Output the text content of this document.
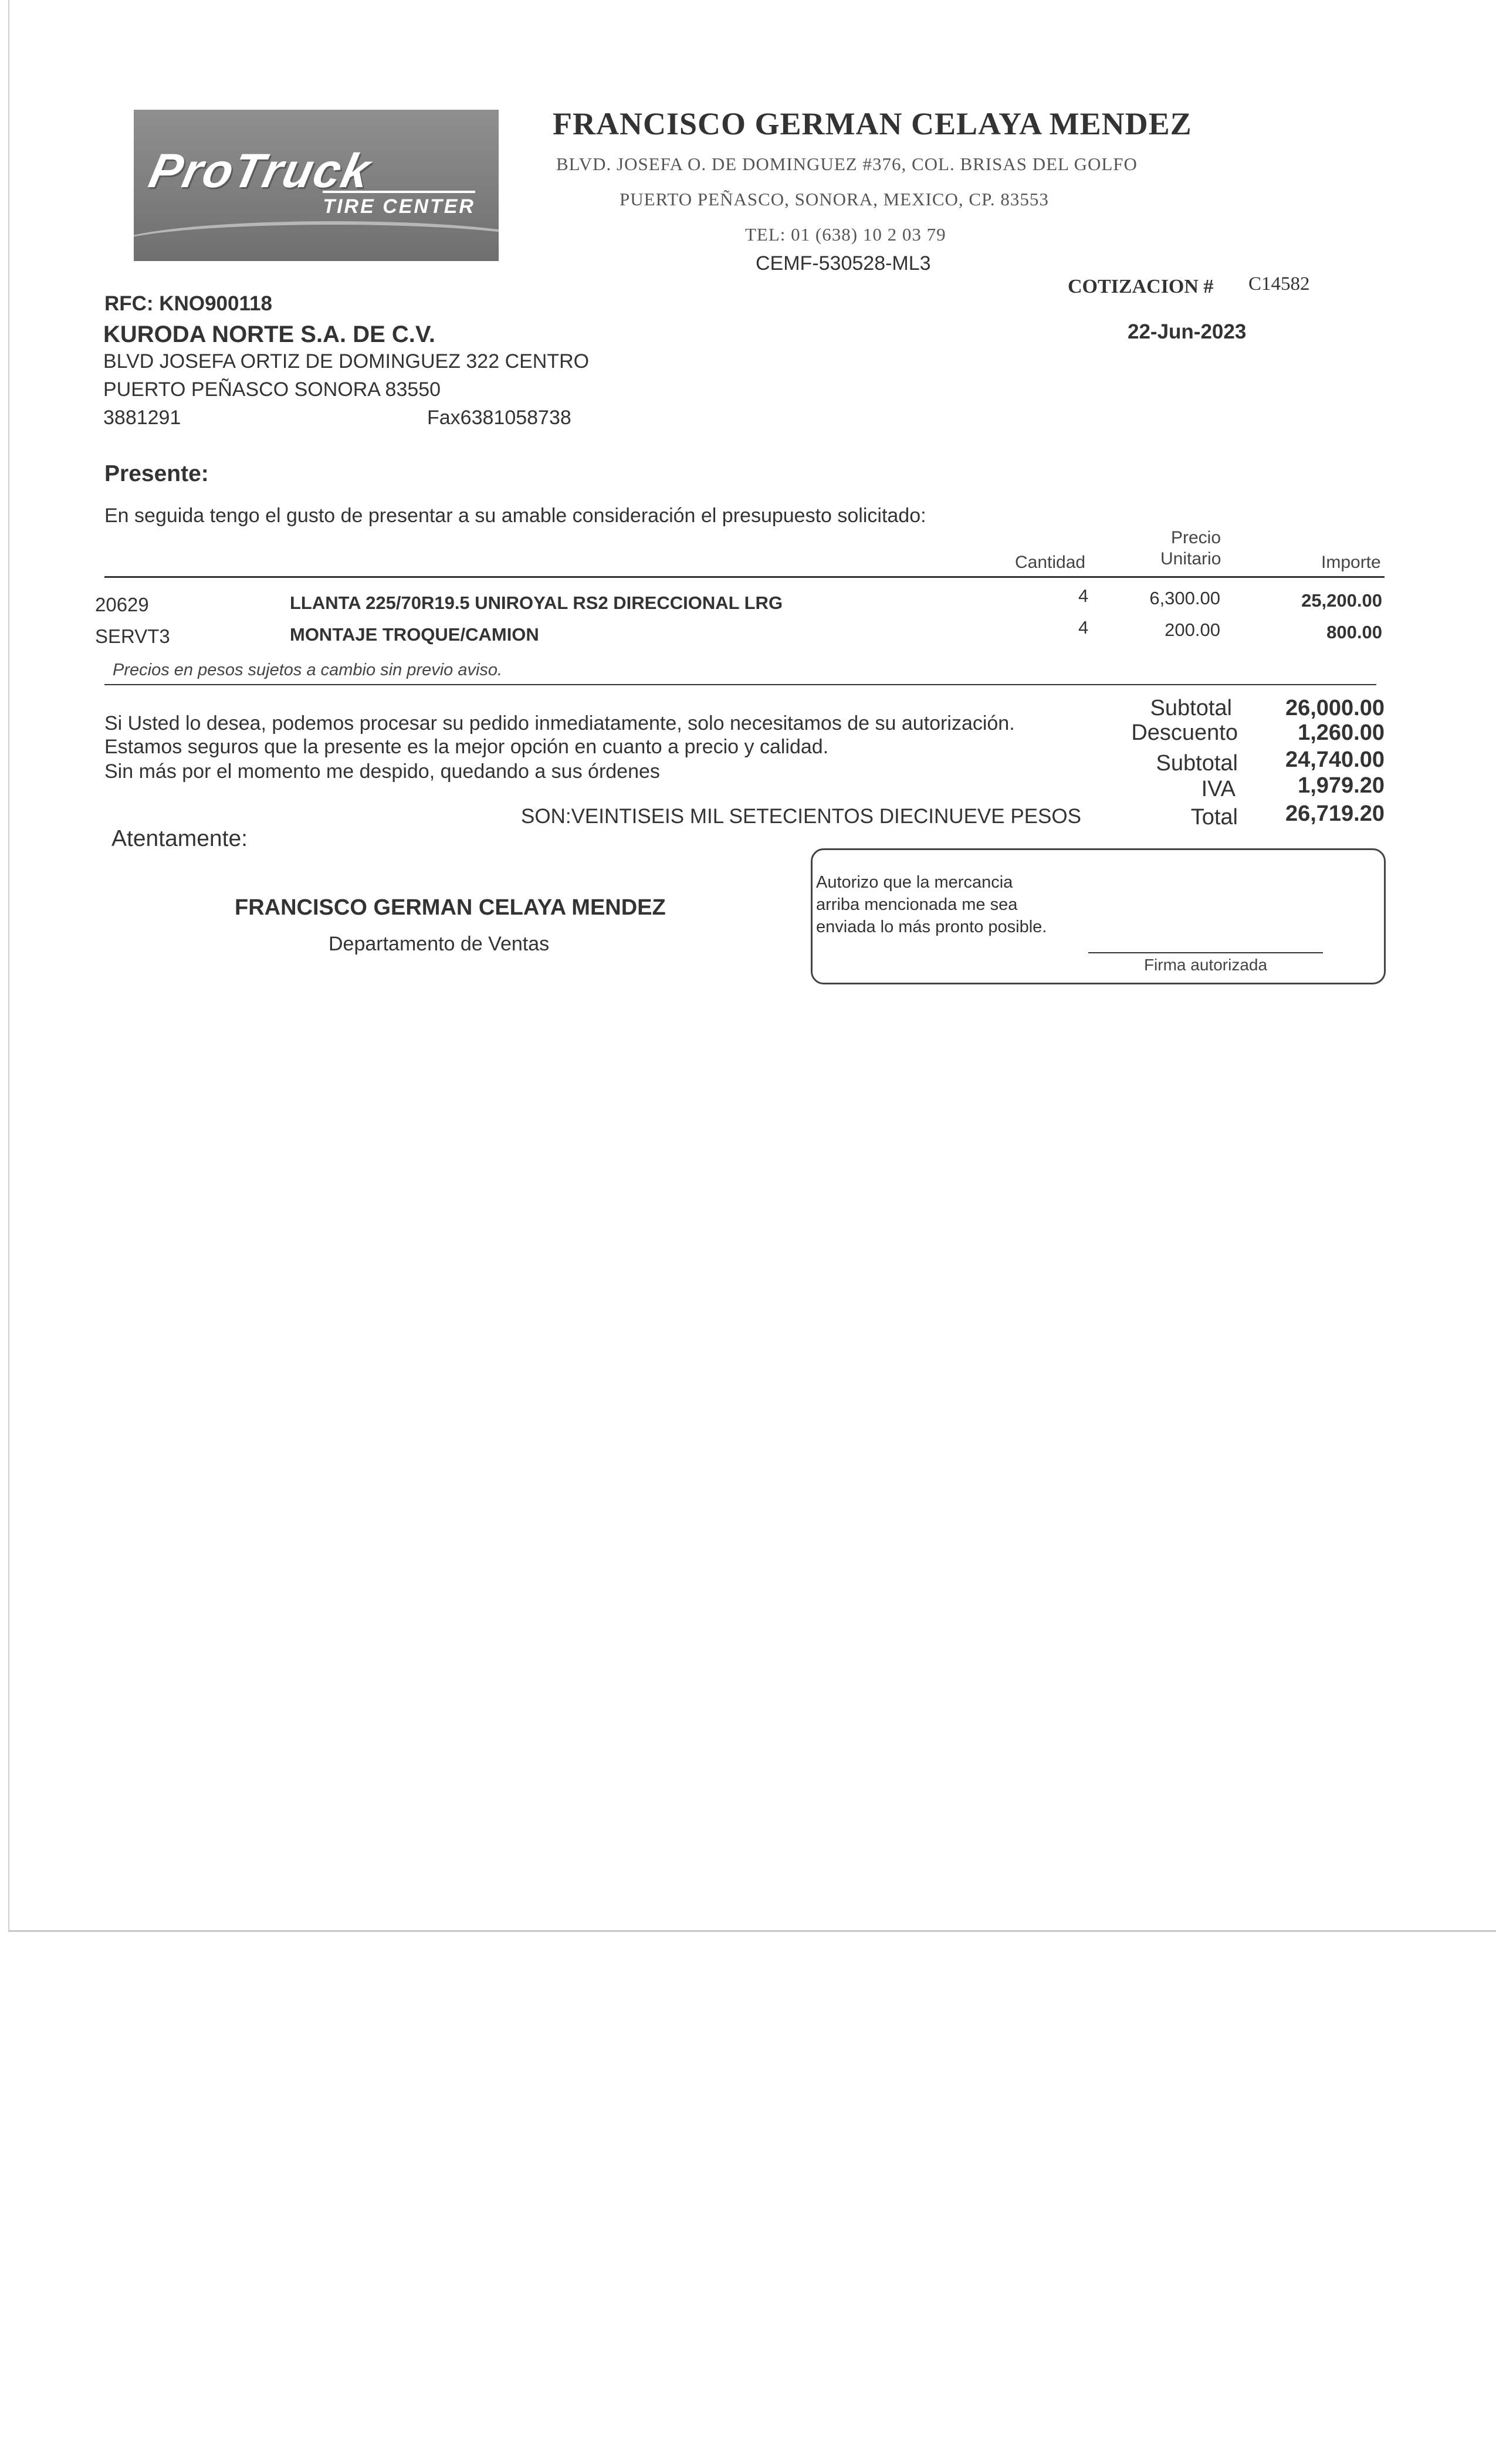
ProTruck
TIRE CENTER
FRANCISCO GERMAN CELAYA MENDEZ
BLVD. JOSEFA O. DE DOMINGUEZ #376, COL. BRISAS DEL GOLFO
PUERTO PEÑASCO, SONORA, MEXICO, CP. 83553
TEL: 01 (638) 10 2 03 79
CEMF-530528-ML3
COTIZACION # C14582
22-Jun-2023
RFC: KNO900118
KURODA NORTE S.A. DE C.V.
BLVD JOSEFA ORTIZ DE DOMINGUEZ 322 CENTRO
PUERTO PEÑASCO SONORA 83550
3881291	Fax6381058738
Presente:
En seguida tengo el gusto de presentar a su amable consideración el presupuesto solicitado:
Cantidad
Precio
Unitario	Importe
20629	LLANTA 225/70R19.5 UNIROYAL RS2 DIRECCIONAL LRG	4	6,300.00	25,200.00
SERVT3	MONTAJE TROQUE/CAMION	4	200.00	800.00
Precios en pesos sujetos a cambio sin previo aviso.
Si Usted lo desea, podemos procesar su pedido inmediatamente, solo necesitamos de su autorización.
Estamos seguros que la presente es la mejor opción en cuanto a precio y calidad.
Sin más por el momento me despido, quedando a sus órdenes
Subtotal	26,000.00
Descuento	1,260.00
Subtotal	24,740.00
IVA	1,979.20
Total	26,719.20
SON:VEINTISEIS MIL SETECIENTOS DIECINUEVE PESOS
Atentamente:
FRANCISCO GERMAN CELAYA MENDEZ
Departamento de Ventas
Autorizo que la mercancia
arriba mencionada me sea
enviada lo más pronto posible.
Firma autorizada
